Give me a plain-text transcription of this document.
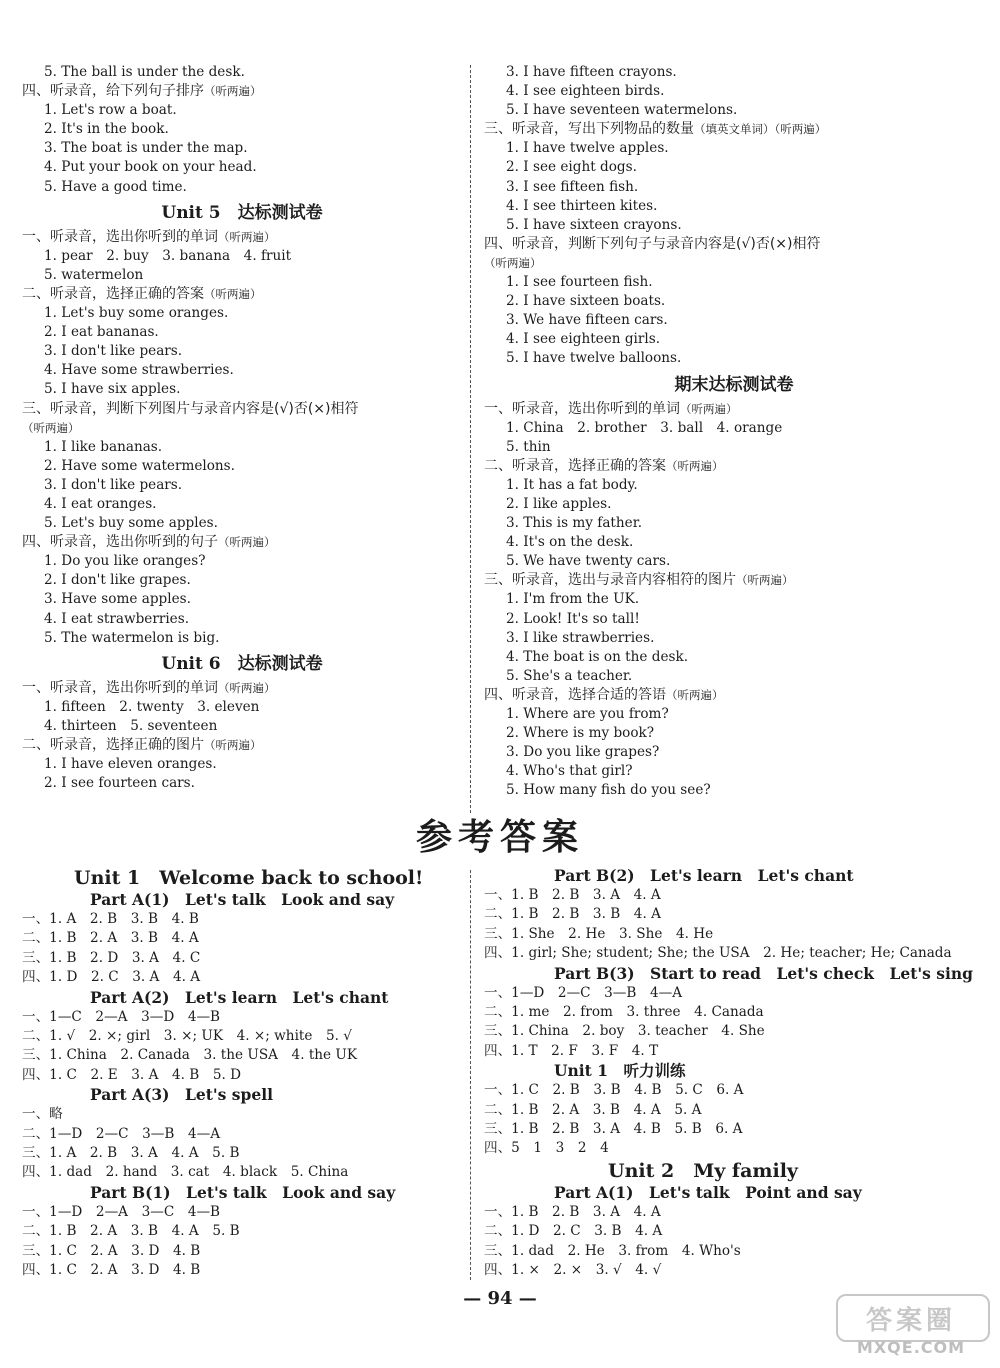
5. The ball is under the desk.
四、听录音，给下列句子排序（听两遍）
1. Let's row a boat.
2. It's in the book.
3. The boat is under the map.
4. Put your book on your head.
5. Have a good time.
Unit 5　 达标测试卷
一、听录音，选出你听到的单词（听两遍）
1. pear　2. buy　3. banana　4. fruit
5. watermelon
二、听录音，选择正确的答案（听两遍）
1. Let's buy some oranges.
2. I eat bananas.
3. I don't like pears.
4. Have some strawberries.
5. I have six apples.
三、听录音，判断下列图片与录音内容是(√)否(×)相符
（听两遍）
1. I like bananas.
2. Have some watermelons.
3. I don't like pears.
4. I eat oranges.
5. Let's buy some apples.
四、听录音，选出你听到的句子（听两遍）
1. Do you like oranges?
2. I don't like grapes.
3. Have some apples.
4. I eat strawberries.
5. The watermelon is big.
Unit 6　 达标测试卷
一、听录音，选出你听到的单词（听两遍）
1. fifteen　2. twenty　3. eleven
4. thirteen　5. seventeen
二、听录音，选择正确的图片（听两遍）
1. I have eleven oranges.
2. I see fourteen cars.
3. I have fifteen crayons.
4. I see eighteen birds.
5. I have seventeen watermelons.
三、听录音，写出下列物品的数量（填英文单词）（听两遍）
1. I have twelve apples.
2. I see eight dogs.
3. I see fifteen fish.
4. I see thirteen kites.
5. I have sixteen crayons.
四、听录音，判断下列句子与录音内容是(√)否(×)相符
（听两遍）
1. I see fourteen fish.
2. I have sixteen boats.
3. We have fifteen cars.
4. I see eighteen girls.
5. I have twelve balloons.
期末达标测试卷
一、听录音，选出你听到的单词（听两遍）
1. China　2. brother　3. ball　4. orange
5. thin
二、听录音，选择正确的答案（听两遍）
1. It has a fat body.
2. I like apples.
3. This is my father.
4. It's on the desk.
5. We have twenty cars.
三、听录音，选出与录音内容相符的图片（听两遍）
1. I'm from the UK.
2. Look! It's so tall!
3. I like strawberries.
4. The boat is on the desk.
5. She's a teacher.
四、听录音，选择合适的答语（听两遍）
1. Where are you from?
2. Where is my book?
3. Do you like grapes?
4. Who's that girl?
5. How many fish do you see?
参考答案
Unit 1　Welcome back to school!
Part A(1)　Let's talk　Look and say
一、1. A　2. B　3. B　4. B
二、1. B　2. A　3. B　4. A
三、1. B　2. D　3. A　4. C
四、1. D　2. C　3. A　4. A
Part A(2)　Let's learn　Let's chant
一、1—C　2—A　3—D　4—B
二、1. √　2. ×; girl　3. ×; UK　4. ×; white　5. √
三、1. China　2. Canada　3. the USA　4. the UK
四、1. C　2. E　3. A　4. B　5. D
Part A(3)　Let's spell
一、略
二、1—D　2—C　3—B　4—A
三、1. A　2. B　3. A　4. A　5. B
四、1. dad　2. hand　3. cat　4. black　5. China
Part B(1)　Let's talk　Look and say
一、1—D　2—A　3—C　4—B
二、1. B　2. A　3. B　4. A　5. B
三、1. C　2. A　3. D　4. B
四、1. C　2. A　3. D　4. B
Part B(2)　Let's learn　Let's chant
一、1. B　2. B　3. A　4. A
二、1. B　2. B　3. B　4. A
三、1. She　2. He　3. She　4. He
四、1. girl; She; student; She; the USA　2. He; teacher; He; Canada
Part B(3)　Start to read　Let's check　Let's sing
一、1—D　2—C　3—B　4—A
二、1. me　2. from　3. three　4. Canada
三、1. China　2. boy　3. teacher　4. She
四、1. T　2. F　3. F　4. T
Unit 1　听力训练
一、1. C　2. B　3. B　4. B　5. C　6. A
二、1. B　2. A　3. B　4. A　5. A
三、1. B　2. B　3. A　4. B　5. B　6. A
四、5　1　3　2　4
Unit 2　My family
Part A(1)　Let's talk　Point and say
一、1. B　2. B　3. A　4. A
二、1. D　2. C　3. B　4. A
三、1. dad　2. He　3. from　4. Who's
四、1. ×　2. ×　3. √　4. √
— 94 —
答案圈
MXQE.COM
